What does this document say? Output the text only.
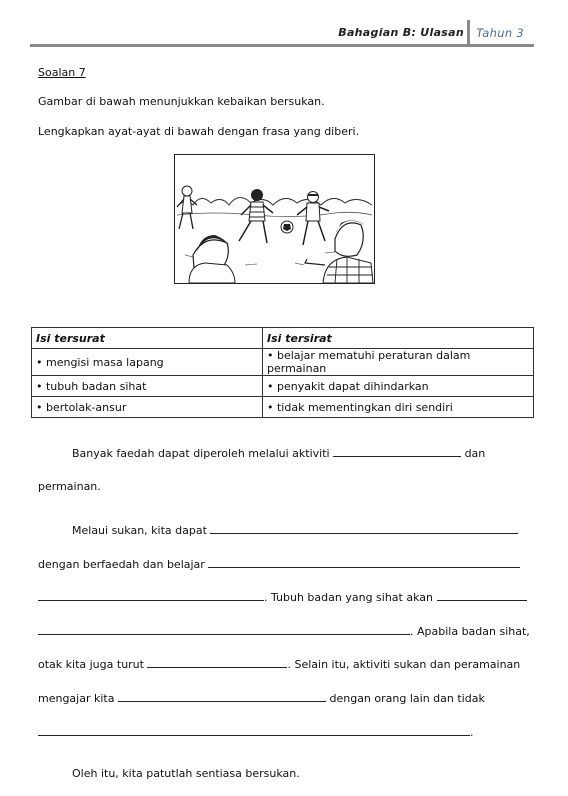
Bahagian B: Ulasan Tahun 3
Soalan 7
Gambar di bawah menunjukkan kebaikan bersukan.
Lengkapkan ayat-ayat di bawah dengan frasa yang diberi.
Isi tersurat	Isi tersirat
• mengisi masa lapang	• belajar mematuhi peraturan dalam permainan
• tubuh badan sihat	• penyakit dapat dihindarkan
• bertolak-ansur	• tidak mementingkan diri sendiri
Banyak faedah dapat diperoleh melalui aktiviti	dan
permainan.
Melaui sukan, kita dapat
dengan berfaedah dan belajar
. Tubuh badan yang sihat akan
. Apabila badan sihat,
otak kita juga turut	. Selain itu, aktiviti sukan dan peramainan
mengajar kita	dengan orang lain dan tidak
.
Oleh itu, kita patutlah sentiasa bersukan.
